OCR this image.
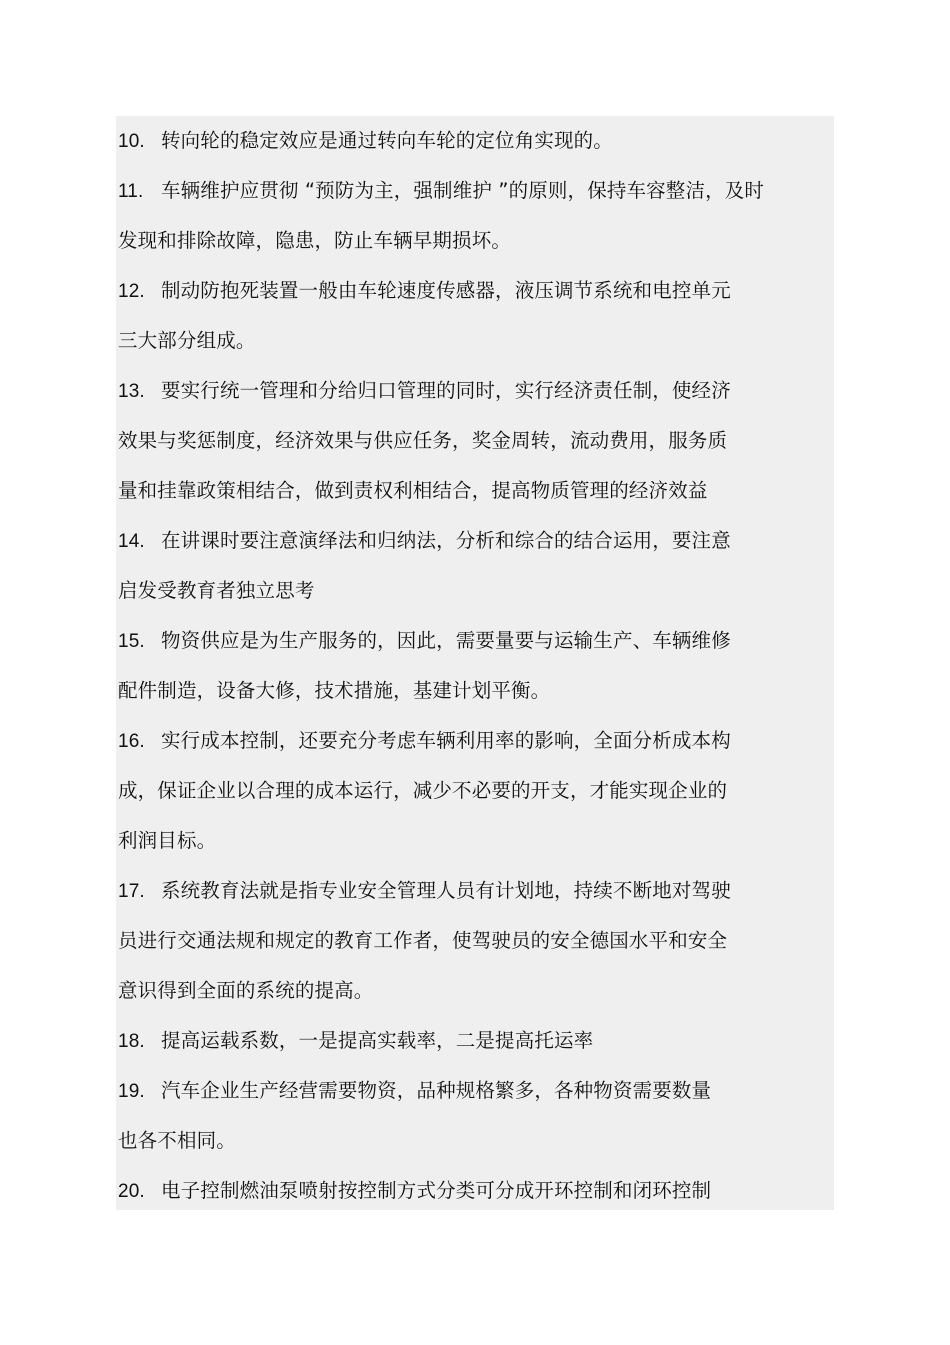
10. 转向轮的稳定效应是通过转向车轮的定位角实现的。
11. 车辆维护应贯彻 “预防为主，强制维护 ”的原则，保持车容整洁，及时
发现和排除故障，隐患，防止车辆早期损坏。
12. 制动防抱死装置一般由车轮速度传感器，液压调节系统和电控单元
三大部分组成。
13. 要实行统一管理和分给归口管理的同时，实行经济责任制，使经济
效果与奖惩制度，经济效果与供应任务，奖金周转，流动费用，服务质
量和挂靠政策相结合，做到责权利相结合，提高物质管理的经济效益
14. 在讲课时要注意演绎法和归纳法，分析和综合的结合运用，要注意
启发受教育者独立思考
15. 物资供应是为生产服务的，因此，需要量要与运输生产、车辆维修
配件制造，设备大修，技术措施，基建计划平衡。
16. 实行成本控制，还要充分考虑车辆利用率的影响，全面分析成本构
成，保证企业以合理的成本运行，减少不必要的开支，才能实现企业的
利润目标。
17. 系统教育法就是指专业安全管理人员有计划地，持续不断地对驾驶
员进行交通法规和规定的教育工作者，使驾驶员的安全德国水平和安全
意识得到全面的系统的提高。
18. 提高运载系数，一是提高实载率，二是提高托运率
19. 汽车企业生产经营需要物资，品种规格繁多，各种物资需要数量
也各不相同。
20. 电子控制燃油泵喷射按控制方式分类可分成开环控制和闭环控制
